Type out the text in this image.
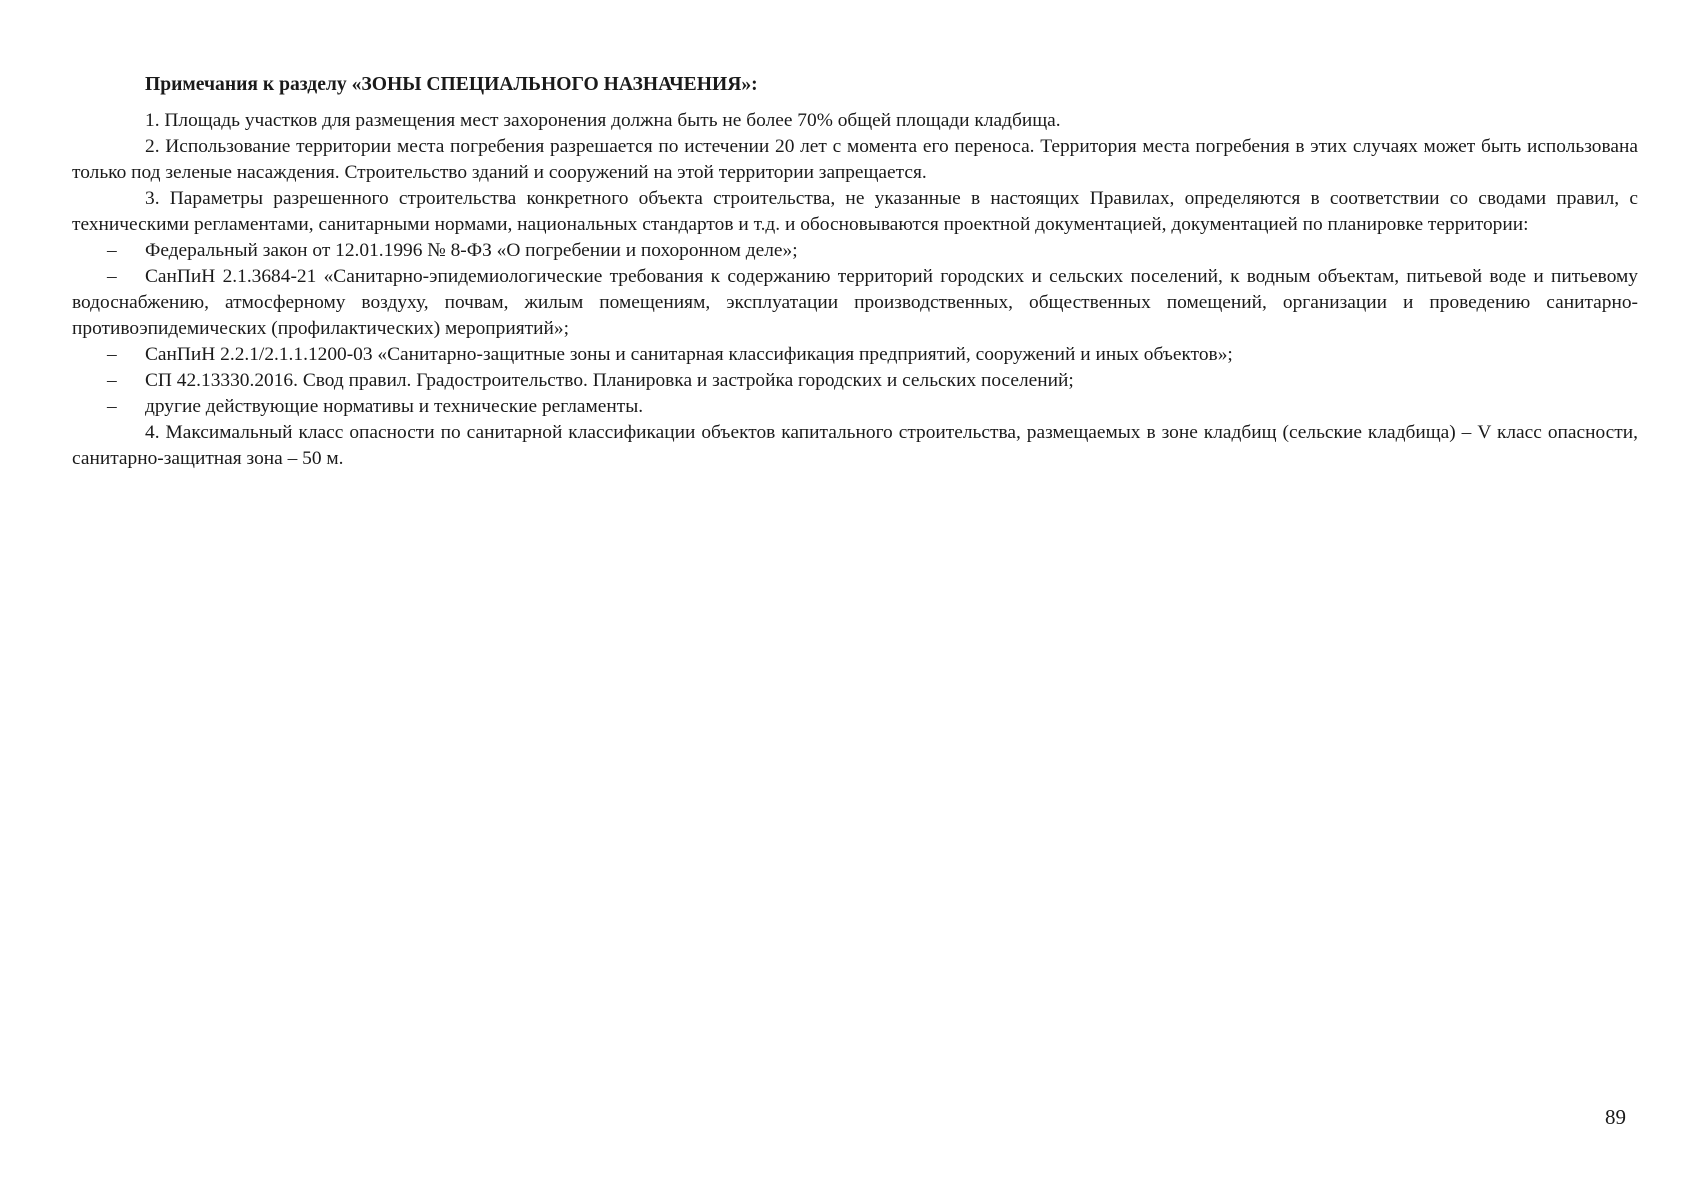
Примечания к разделу «ЗОНЫ СПЕЦИАЛЬНОГО НАЗНАЧЕНИЯ»:

1. Площадь участков для размещения мест захоронения должна быть не более 70% общей площади кладбища.

2. Использование территории места погребения разрешается по истечении 20 лет с момента его переноса. Территория места погребения в этих случаях может быть использована только под зеленые насаждения. Строительство зданий и сооружений на этой территории запрещается.

3. Параметры разрешенного строительства конкретного объекта строительства, не указанные в настоящих Правилах, определяются в соответствии со сводами правил, с техническими регламентами, санитарными нормами, национальных стандартов и т.д. и обосновываются проектной документацией, документацией по планировке территории:

– Федеральный закон от 12.01.1996 № 8-ФЗ «О погребении и похоронном деле»;
– СанПиН 2.1.3684-21 «Санитарно-эпидемиологические требования к содержанию территорий городских и сельских поселений, к водным объектам, питьевой воде и питьевому водоснабжению, атмосферному воздуху, почвам, жилым помещениям, эксплуатации производственных, общественных помещений, организации и проведению санитарно-противоэпидемических (профилактических) мероприятий»;
– СанПиН 2.2.1/2.1.1.1200-03 «Санитарно-защитные зоны и санитарная классификация предприятий, сооружений и иных объектов»;
– СП 42.13330.2016. Свод правил. Градостроительство. Планировка и застройка городских и сельских поселений;
– другие действующие нормативы и технические регламенты.

4. Максимальный класс опасности по санитарной классификации объектов капитального строительства, размещаемых в зоне кладбищ (сельские кладбища) – V класс опасности, санитарно-защитная зона – 50 м.

89
